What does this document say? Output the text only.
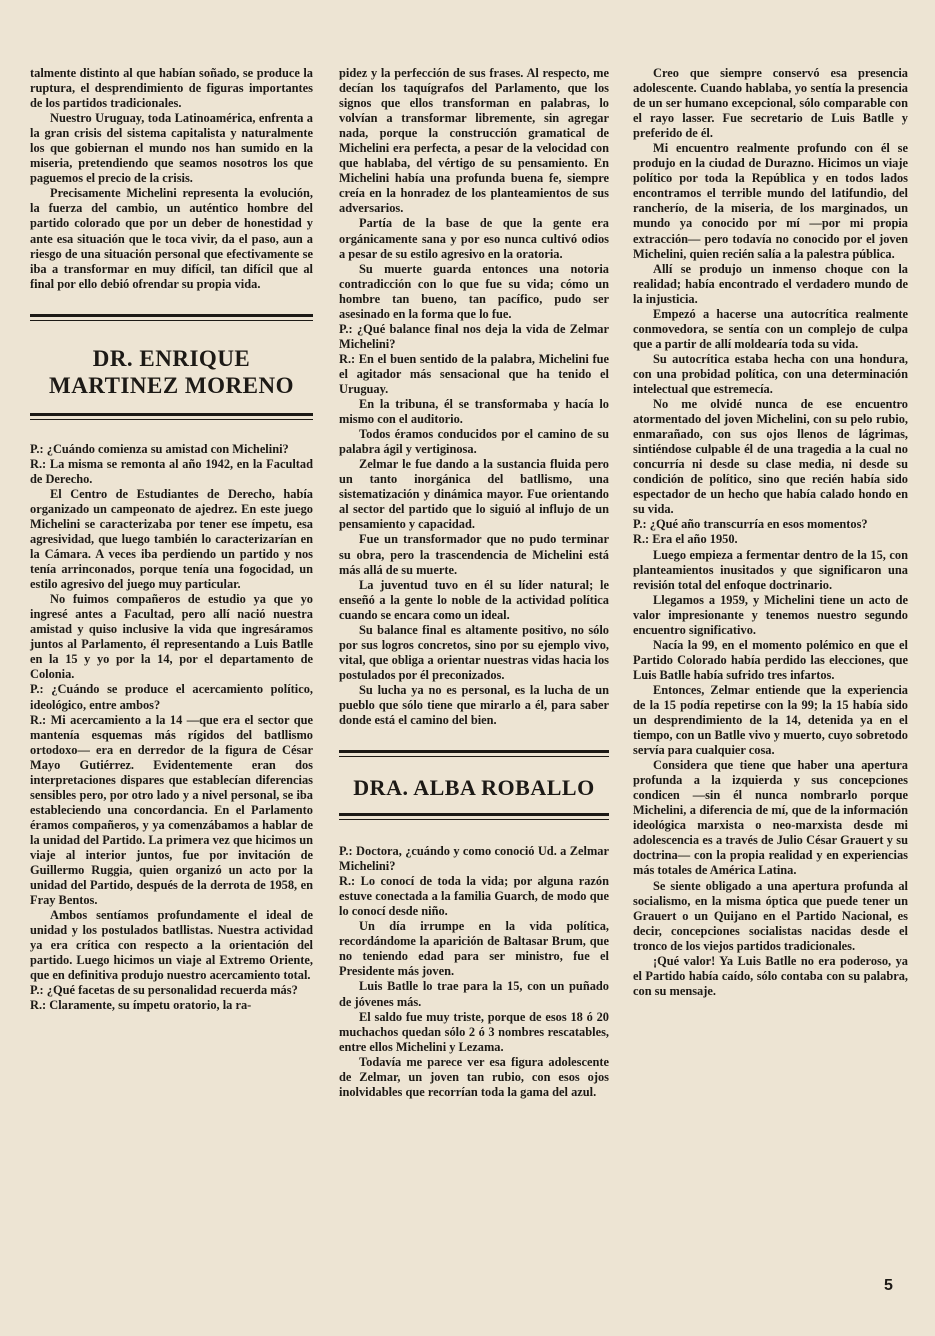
talmente distinto al que habían soñado, se produce la ruptura, el desprendimiento de figuras importantes de los partidos tradicionales.

Nuestro Uruguay, toda Latinoamérica, enfrenta a la gran crisis del sistema capitalista y naturalmente los que gobiernan el mundo nos han sumido en la miseria, pretendiendo que seamos nosotros los que paguemos el precio de la crisis.

Precisamente Michelini representa la evolución, la fuerza del cambio, un auténtico hombre del partido colorado que por un deber de honestidad y ante esa situación que le toca vivir, da el paso, aun a riesgo de una situación personal que efectivamente se iba a transformar en muy difícil, tan difícil que al final por ello debió ofrendar su propia vida.

DR. ENRIQUE
MARTINEZ MORENO

P.: ¿Cuándo comienza su amistad con Michelini?

R.: La misma se remonta al año 1942, en la Facultad de Derecho.

El Centro de Estudiantes de Derecho, había organizado un campeonato de ajedrez. En este juego Michelini se caracterizaba por tener ese ímpetu, esa agresividad, que luego también lo caracterizarían en la Cámara. A veces iba perdiendo un partido y nos tenía arrinconados, porque tenía una fogocidad, un estilo agresivo del juego muy particular.

No fuimos compañeros de estudio ya que yo ingresé antes a Facultad, pero allí nació nuestra amistad y quiso inclusive la vida que ingresáramos juntos al Parlamento, él representando a Luis Batlle en la 15 y yo por la 14, por el departamento de Colonia.

P.: ¿Cuándo se produce el acercamiento político, ideológico, entre ambos?

R.: Mi acercamiento a la 14 —que era el sector que mantenía esquemas más rígidos del batllismo ortodoxo— era en derredor de la figura de César Mayo Gutiérrez. Evidentemente eran dos interpretaciones dispares que establecían diferencias sensibles pero, por otro lado y a nivel personal, se iba estableciendo una concordancia. En el Parlamento éramos compañeros, y ya comenzábamos a hablar de la unidad del Partido. La primera vez que hicimos un viaje al interior juntos, fue por invitación de Guillermo Ruggia, quien organizó un acto por la unidad del Partido, después de la derrota de 1958, en Fray Bentos.

Ambos sentíamos profundamente el ideal de unidad y los postulados batllistas. Nuestra actividad ya era crítica con respecto a la orientación del partido. Luego hicimos un viaje al Extremo Oriente, que en definitiva produjo nuestro acercamiento total.

P.: ¿Qué facetas de su personalidad recuerda más?

R.: Claramente, su ímpetu oratorio, la ra-

pidez y la perfección de sus frases. Al respecto, me decían los taquígrafos del Parlamento, que los signos que ellos transforman en palabras, lo volvían a transformar libremente, sin agregar nada, porque la construcción gramatical de Michelini era perfecta, a pesar de la velocidad con que hablaba, del vértigo de su pensamiento. En Michelini había una profunda buena fe, siempre creía en la honradez de los planteamientos de sus adversarios.

Partía de la base de que la gente era orgánicamente sana y por eso nunca cultivó odios a pesar de su estilo agresivo en la oratoria.

Su muerte guarda entonces una notoria contradicción con lo que fue su vida; cómo un hombre tan bueno, tan pacífico, pudo ser asesinado en la forma que lo fue.

P.: ¿Qué balance final nos deja la vida de Zelmar Michelini?

R.: En el buen sentido de la palabra, Michelini fue el agitador más sensacional que ha tenido el Uruguay.

En la tribuna, él se transformaba y hacía lo mismo con el auditorio.

Todos éramos conducidos por el camino de su palabra ágil y vertiginosa.

Zelmar le fue dando a la sustancia fluida pero un tanto inorgánica del batllismo, una sistematización y dinámica mayor. Fue orientando al sector del partido que lo siguió al influjo de un pensamiento y capacidad.

Fue un transformador que no pudo terminar su obra, pero la trascendencia de Michelini está más allá de su muerte.

La juventud tuvo en él su líder natural; le enseñó a la gente lo noble de la actividad política cuando se encara como un ideal.

Su balance final es altamente positivo, no sólo por sus logros concretos, sino por su ejemplo vivo, vital, que obliga a orientar nuestras vidas hacia los postulados por él preconizados.

Su lucha ya no es personal, es la lucha de un pueblo que sólo tiene que mirarlo a él, para saber donde está el camino del bien.

DRA. ALBA ROBALLO

P.: Doctora, ¿cuándo y como conoció Ud. a Zelmar Michelini?

R.: Lo conocí de toda la vida; por alguna razón estuve conectada a la familia Guarch, de modo que lo conocí desde niño.

Un día irrumpe en la vida política, recordándome la aparición de Baltasar Brum, que no teniendo edad para ser ministro, fue el Presidente más joven.

Luis Batlle lo trae para la 15, con un puñado de jóvenes más.

El saldo fue muy triste, porque de esos 18 ó 20 muchachos quedan sólo 2 ó 3 nombres rescatables, entre ellos Michelini y Lezama.

Todavía me parece ver esa figura adolescente de Zelmar, un joven tan rubio, con esos ojos inolvidables que recorrían toda la gama del azul.

Creo que siempre conservó esa presencia adolescente. Cuando hablaba, yo sentía la presencia de un ser humano excepcional, sólo comparable con el rayo lasser. Fue secretario de Luis Batlle y preferido de él.

Mi encuentro realmente profundo con él se produjo en la ciudad de Durazno. Hicimos un viaje político por toda la República y en todos lados encontramos el terrible mundo del latifundio, del rancherío, de la miseria, de los marginados, un mundo ya conocido por mí —por mi propia extracción— pero todavía no conocido por el joven Michelini, quien recién salía a la palestra pública.

Allí se produjo un inmenso choque con la realidad; había encontrado el verdadero mundo de la injusticia.

Empezó a hacerse una autocrítica realmente conmovedora, se sentía con un complejo de culpa que a partir de allí moldearía toda su vida.

Su autocrítica estaba hecha con una hondura, con una probidad política, con una determinación intelectual que estremecía.

No me olvidé nunca de ese encuentro atormentado del joven Michelini, con su pelo rubio, enmarañado, con sus ojos llenos de lágrimas, sintiéndose culpable él de una tragedia a la cual no concurría ni desde su clase media, ni desde su condición de político, sino que recién había sido espectador de un hecho que había calado hondo en su vida.

P.: ¿Qué año transcurría en esos momentos?

R.: Era el año 1950.

Luego empieza a fermentar dentro de la 15, con planteamientos inusitados y que significaron una revisión total del enfoque doctrinario.

Llegamos a 1959, y Michelini tiene un acto de valor impresionante y tenemos nuestro segundo encuentro significativo.

Nacía la 99, en el momento polémico en que el Partido Colorado había perdido las elecciones, que Luis Batlle había sufrido tres infartos.

Entonces, Zelmar entiende que la experiencia de la 15 podía repetirse con la 99; la 15 había sido un desprendimiento de la 14, detenida ya en el tiempo, con un Batlle vivo y muerto, cuyo sobretodo servía para cualquier cosa.

Considera que tiene que haber una apertura profunda a la izquierda y sus concepciones condicen —sin él nunca nombrarlo porque Michelini, a diferencia de mí, que de la información ideológica marxista o neo-marxista desde mi adolescencia es a través de Julio César Grauert y su doctrina— con la propia realidad y en experiencias más totales de América Latina.

Se siente obligado a una apertura profunda al socialismo, en la misma óptica que puede tener un Grauert o un Quijano en el Partido Nacional, es decir, concepciones socialistas nacidas desde el tronco de los viejos partidos tradicionales.

¡Qué valor! Ya Luis Batlle no era poderoso, ya el Partido había caído, sólo contaba con su palabra, con su mensaje.

5
